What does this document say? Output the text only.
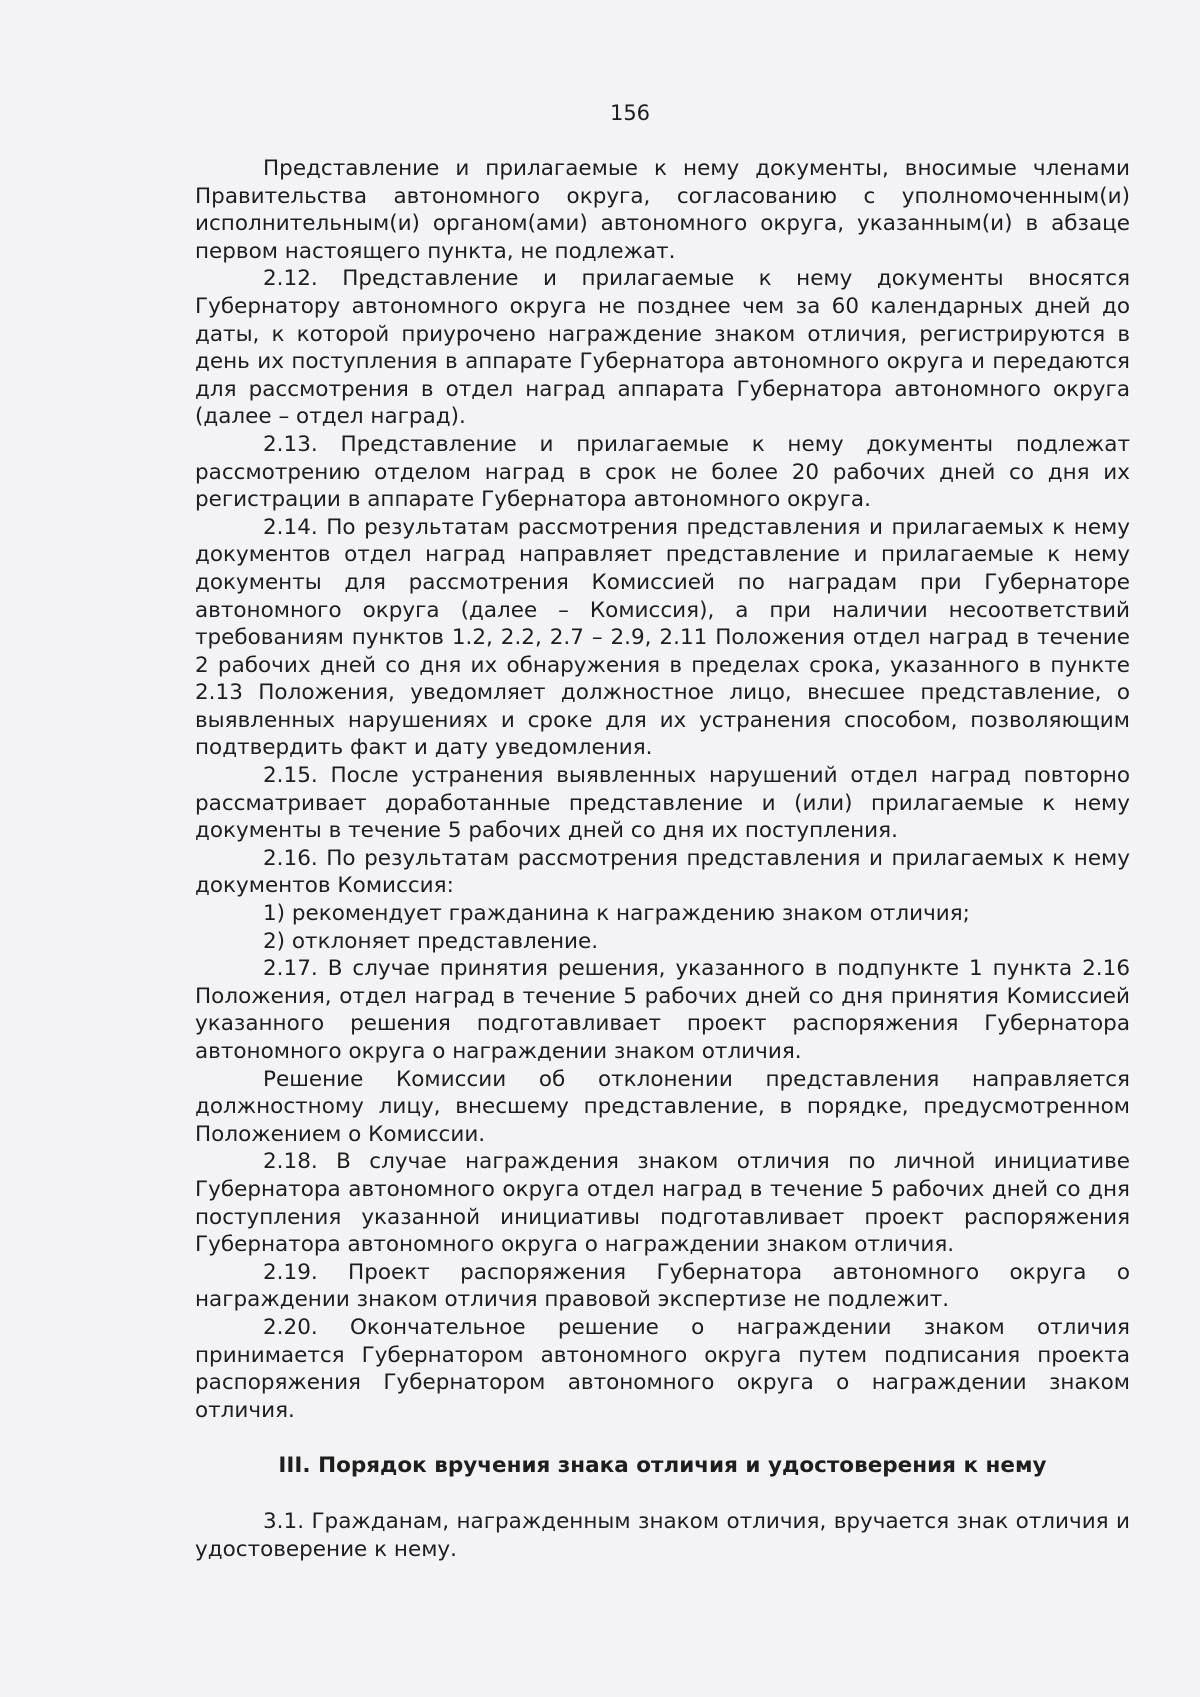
156

Представление и прилагаемые к нему документы, вносимые членами Правительства автономного округа, согласованию с уполномоченным(и) исполнительным(и) органом(ами) автономного округа, указанным(и) в абзаце первом настоящего пункта, не подлежат.

2.12. Представление и прилагаемые к нему документы вносятся Губернатору автономного округа не позднее чем за 60 календарных дней до даты, к которой приурочено награждение знаком отличия, регистрируются в день их поступления в аппарате Губернатора автономного округа и передаются для рассмотрения в отдел наград аппарата Губернатора автономного округа (далее – отдел наград).

2.13. Представление и прилагаемые к нему документы подлежат рассмотрению отделом наград в срок не более 20 рабочих дней со дня их регистрации в аппарате Губернатора автономного округа.

2.14. По результатам рассмотрения представления и прилагаемых к нему документов отдел наград направляет представление и прилагаемые к нему документы для рассмотрения Комиссией по наградам при Губернаторе автономного округа (далее – Комиссия), а при наличии несоответствий требованиям пунктов 1.2, 2.2, 2.7 – 2.9, 2.11 Положения отдел наград в течение 2 рабочих дней со дня их обнаружения в пределах срока, указанного в пункте 2.13 Положения, уведомляет должностное лицо, внесшее представление, о выявленных нарушениях и сроке для их устранения способом, позволяющим подтвердить факт и дату уведомления.

2.15. После устранения выявленных нарушений отдел наград повторно рассматривает доработанные представление и (или) прилагаемые к нему документы в течение 5 рабочих дней со дня их поступления.

2.16. По результатам рассмотрения представления и прилагаемых к нему документов Комиссия:

1) рекомендует гражданина к награждению знаком отличия;

2) отклоняет представление.

2.17. В случае принятия решения, указанного в подпункте 1 пункта 2.16 Положения, отдел наград в течение 5 рабочих дней со дня принятия Комиссией указанного решения подготавливает проект распоряжения Губернатора автономного округа о награждении знаком отличия.

Решение Комиссии об отклонении представления направляется должностному лицу, внесшему представление, в порядке, предусмотренном Положением о Комиссии.

2.18. В случае награждения знаком отличия по личной инициативе Губернатора автономного округа отдел наград в течение 5 рабочих дней со дня поступления указанной инициативы подготавливает проект распоряжения Губернатора автономного округа о награждении знаком отличия.

2.19. Проект распоряжения Губернатора автономного округа о награждении знаком отличия правовой экспертизе не подлежит.

2.20. Окончательное решение о награждении знаком отличия принимается Губернатором автономного округа путем подписания проекта распоряжения Губернатором автономного округа о награждении знаком отличия.

III. Порядок вручения знака отличия и удостоверения к нему

3.1. Гражданам, награжденным знаком отличия, вручается знак отличия и удостоверение к нему.
